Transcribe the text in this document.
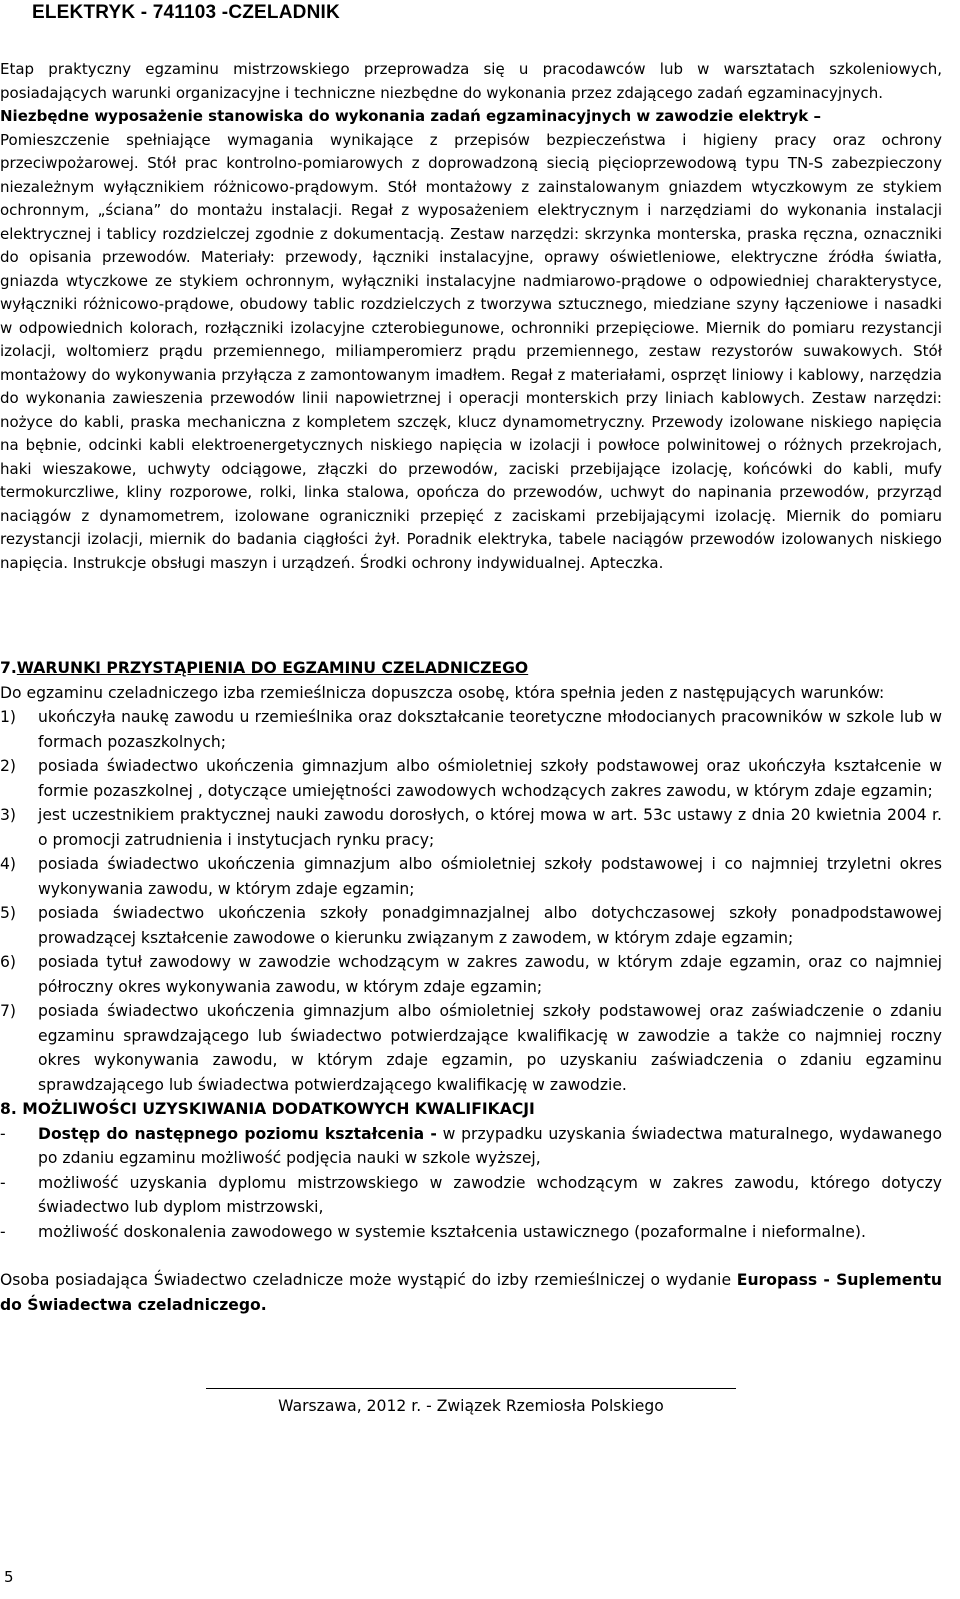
ELEKTRYK - 741103 -CZELADNIK

Etap praktyczny egzaminu mistrzowskiego przeprowadza się u pracodawców lub w warsztatach szkoleniowych, posiadających warunki organizacyjne i techniczne niezbędne do wykonania przez zdającego zadań egzaminacyjnych.

Niezbędne wyposażenie stanowiska do wykonania zadań egzaminacyjnych w zawodzie elektryk –
Pomieszczenie spełniające wymagania wynikające z przepisów bezpieczeństwa i higieny pracy oraz ochrony przeciwpożarowej. Stół prac kontrolno-pomiarowych z doprowadzoną siecią pięcioprzewodową typu TN-S zabezpieczony niezależnym wyłącznikiem różnicowo-prądowym. Stół montażowy z zainstalowanym gniazdem wtyczkowym ze stykiem ochronnym, „ściana” do montażu instalacji. Regał z wyposażeniem elektrycznym i narzędziami do wykonania instalacji elektrycznej i tablicy rozdzielczej zgodnie z dokumentacją. Zestaw narzędzi: skrzynka monterska, praska ręczna, oznaczniki do opisania przewodów. Materiały: przewody, łączniki instalacyjne, oprawy oświetleniowe, elektryczne źródła światła, gniazda wtyczkowe ze stykiem ochronnym, wyłączniki instalacyjne nadmiarowo-prądowe o odpowiedniej charakterystyce, wyłączniki różnicowo-prądowe, obudowy tablic rozdzielczych z tworzywa sztucznego, miedziane szyny łączeniowe i nasadki w odpowiednich kolorach, rozłączniki izolacyjne czterobiegunowe, ochronniki przepięciowe. Miernik do pomiaru rezystancji izolacji, woltomierz prądu przemiennego, miliamperomierz prądu przemiennego, zestaw rezystorów suwakowych. Stół montażowy do wykonywania przyłącza z zamontowanym imadłem. Regał z materiałami, osprzęt liniowy i kablowy, narzędzia do wykonania zawieszenia przewodów linii napowietrznej i operacji monterskich przy liniach kablowych. Zestaw narzędzi: nożyce do kabli, praska mechaniczna z kompletem szczęk, klucz dynamometryczny. Przewody izolowane niskiego napięcia na bębnie, odcinki kabli elektroenergetycznych niskiego napięcia w izolacji i powłoce polwinitowej o różnych przekrojach, haki wieszakowe, uchwyty odciągowe, złączki do przewodów, zaciski przebijające izolację, końcówki do kabli, mufy termokurczliwe, kliny rozporowe, rolki, linka stalowa, opończa do przewodów, uchwyt do napinania przewodów, przyrząd naciągów z dynamometrem, izolowane ograniczniki przepięć z zaciskami przebijającymi izolację. Miernik do pomiaru rezystancji izolacji, miernik do badania ciągłości żył. Poradnik elektryka, tabele naciągów przewodów izolowanych niskiego napięcia. Instrukcje obsługi maszyn i urządzeń. Środki ochrony indywidualnej. Apteczka.

7.WARUNKI PRZYSTĄPIENIA DO EGZAMINU CZELADNICZEGO

Do egzaminu czeladniczego izba rzemieślnicza dopuszcza osobę, która spełnia jeden z następujących warunków:

1) ukończyła naukę zawodu u rzemieślnika oraz dokształcanie teoretyczne młodocianych pracowników w szkole lub w formach pozaszkolnych;
2) posiada świadectwo ukończenia gimnazjum albo ośmioletniej szkoły podstawowej oraz ukończyła kształcenie w formie pozaszkolnej , dotyczące umiejętności zawodowych wchodzących zakres zawodu, w którym zdaje egzamin;
3) jest uczestnikiem praktycznej nauki zawodu dorosłych, o której mowa w art. 53c ustawy z dnia 20 kwietnia 2004 r. o promocji zatrudnienia i instytucjach rynku pracy;
4) posiada świadectwo ukończenia gimnazjum albo ośmioletniej szkoły podstawowej i co najmniej trzyletni okres wykonywania zawodu, w którym zdaje egzamin;
5) posiada świadectwo ukończenia szkoły ponadgimnazjalnej albo dotychczasowej szkoły ponadpodstawowej prowadzącej kształcenie zawodowe o kierunku związanym z zawodem, w którym zdaje egzamin;
6) posiada tytuł zawodowy w zawodzie wchodzącym w zakres zawodu, w którym zdaje egzamin, oraz co najmniej półroczny okres wykonywania zawodu, w którym zdaje egzamin;
7) posiada świadectwo ukończenia gimnazjum albo ośmioletniej szkoły podstawowej oraz zaświadczenie o zdaniu egzaminu sprawdzającego lub świadectwo potwierdzające kwalifikację w zawodzie a także co najmniej roczny okres wykonywania zawodu, w którym zdaje egzamin, po uzyskaniu zaświadczenia o zdaniu egzaminu sprawdzającego lub świadectwa potwierdzającego kwalifikację w zawodzie.
8. MOŻLIWOŚCI UZYSKIWANIA DODATKOWYCH KWALIFIKACJI
- Dostęp do następnego poziomu kształcenia - w przypadku uzyskania świadectwa maturalnego, wydawanego po zdaniu egzaminu możliwość podjęcia nauki w szkole wyższej,
- możliwość uzyskania dyplomu mistrzowskiego w zawodzie wchodzącym w zakres zawodu, którego dotyczy świadectwo lub dyplom mistrzowski,
- możliwość doskonalenia zawodowego w systemie kształcenia ustawicznego (pozaformalne i nieformalne).

Osoba posiadająca Świadectwo czeladnicze może wystąpić do izby rzemieślniczej o wydanie Europass - Suplementu do Świadectwa czeladniczego.

Warszawa, 2012 r. - Związek Rzemiosła Polskiego
5
